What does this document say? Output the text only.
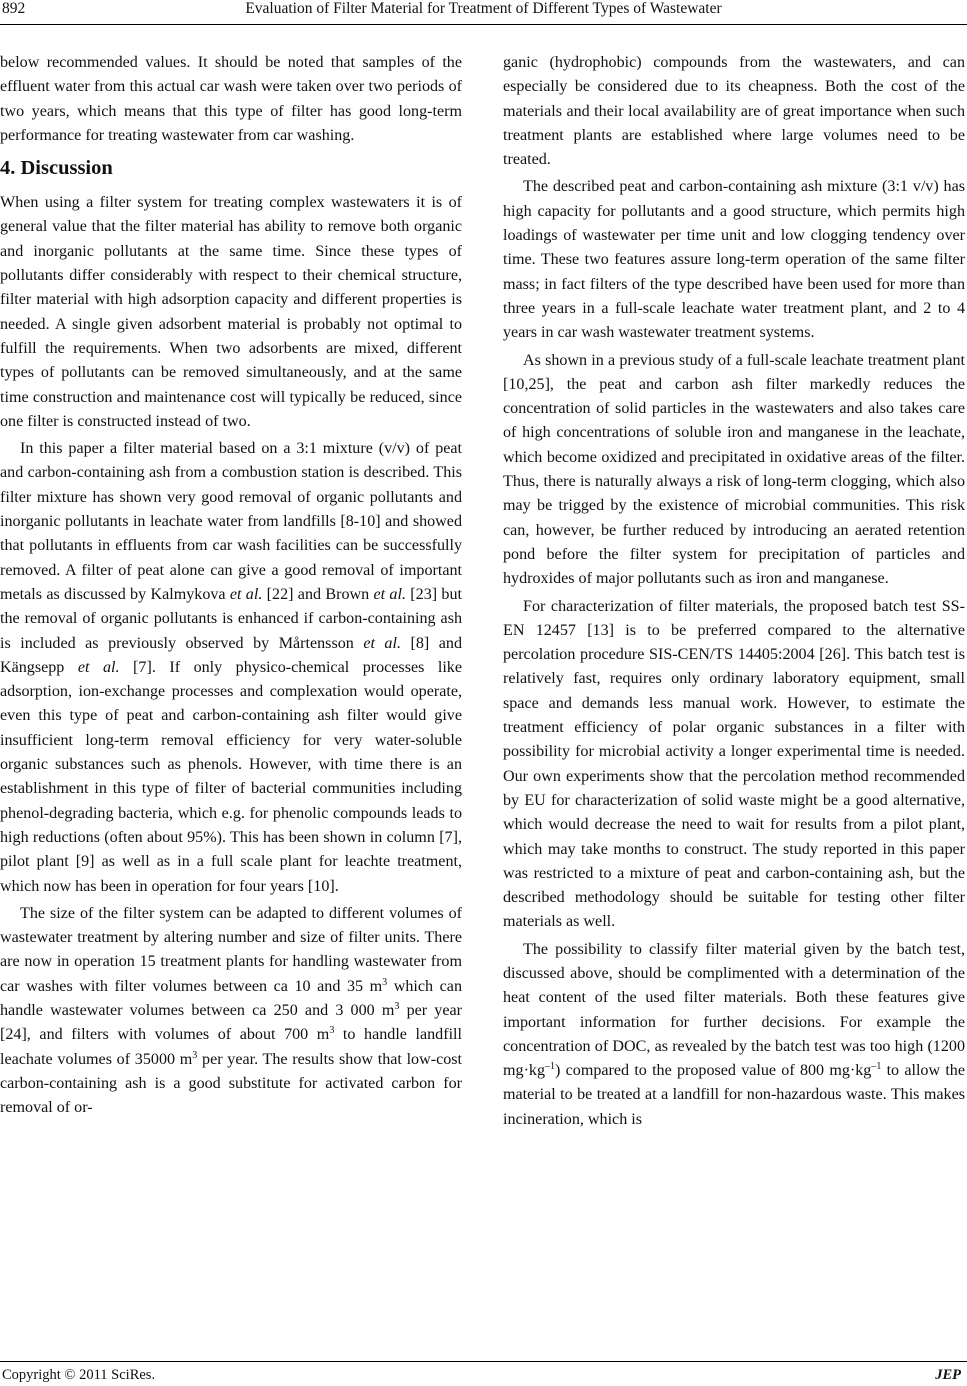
892	Evaluation of Filter Material for Treatment of Different Types of Wastewater

below recommended values. It should be noted that samples of the effluent water from this actual car wash were taken over two periods of two years, which means that this type of filter has good long-term performance for treating wastewater from car washing.

4. Discussion

When using a filter system for treating complex wastewaters it is of general value that the filter material has ability to remove both organic and inorganic pollutants at the same time. Since these types of pollutants differ considerably with respect to their chemical structure, filter material with high adsorption capacity and different properties is needed. A single given adsorbent material is probably not optimal to fulfill the requirements. When two adsorbents are mixed, different types of pollutants can be removed simultaneously, and at the same time construction and maintenance cost will typically be reduced, since one filter is constructed instead of two.

In this paper a filter material based on a 3:1 mixture (v/v) of peat and carbon-containing ash from a combustion station is described. This filter mixture has shown very good removal of organic pollutants and inorganic pollutants in leachate water from landfills [8-10] and showed that pollutants in effluents from car wash facilities can be successfully removed. A filter of peat alone can give a good removal of important metals as discussed by Kalmykova et al. [22] and Brown et al. [23] but the removal of organic pollutants is enhanced if carbon-containing ash is included as previously observed by Mårtensson et al. [8] and Kängsepp et al. [7]. If only physico-chemical processes like adsorption, ion-exchange processes and complexation would operate, even this type of peat and carbon-containing ash filter would give insufficient long-term removal efficiency for very water-soluble organic substances such as phenols. However, with time there is an establishment in this type of filter of bacterial communities including phenol-degrading bacteria, which e.g. for phenolic compounds leads to high reductions (often about 95%). This has been shown in column [7], pilot plant [9] as well as in a full scale plant for leachte treatment, which now has been in operation for four years [10].

The size of the filter system can be adapted to different volumes of wastewater treatment by altering number and size of filter units. There are now in operation 15 treatment plants for handling wastewater from car washes with filter volumes between ca 10 and 35 $m^3$ which can handle wastewater volumes between ca 250 and 3 000 $m^3$ per year [24], and filters with volumes of about 700 $m^3$ to handle landfill leachate volumes of 35000 $m^3$ per year. The results show that low-cost carbon-containing ash is a good substitute for activated carbon for removal of or-

ganic (hydrophobic) compounds from the wastewaters, and can especially be considered due to its cheapness. Both the cost of the materials and their local availability are of great importance when such treatment plants are established where large volumes need to be treated.

The described peat and carbon-containing ash mixture (3:1 v/v) has high capacity for pollutants and a good structure, which permits high loadings of wastewater per time unit and low clogging tendency over time. These two features assure long-term operation of the same filter mass; in fact filters of the type described have been used for more than three years in a full-scale leachate water treatment plant, and 2 to 4 years in car wash wastewater treatment systems.

As shown in a previous study of a full-scale leachate treatment plant [10,25], the peat and carbon ash filter markedly reduces the concentration of solid particles in the wastewaters and also takes care of high concentrations of soluble iron and manganese in the leachate, which become oxidized and precipitated in oxidative areas of the filter. Thus, there is naturally always a risk of long-term clogging, which also may be trigged by the existence of microbial communities. This risk can, however, be further reduced by introducing an aerated retention pond before the filter system for precipitation of particles and hydroxides of major pollutants such as iron and manganese.

For characterization of filter materials, the proposed batch test SS-EN 12457 [13] is to be preferred compared to the alternative percolation procedure SIS-CEN/TS 14405:2004 [26]. This batch test is relatively fast, requires only ordinary laboratory equipment, small space and demands less manual work. However, to estimate the treatment efficiency of polar organic substances in a filter with possibility for microbial activity a longer experimental time is needed. Our own experiments show that the percolation method recommended by EU for characterization of solid waste might be a good alternative, which would decrease the need to wait for results from a pilot plant, which may take months to construct. The study reported in this paper was restricted to a mixture of peat and carbon-containing ash, but the described methodology should be suitable for testing other filter materials as well.

The possibility to classify filter material given by the batch test, discussed above, should be complimented with a determination of the heat content of the used filter materials. Both these features give important information for further decisions. For example the concentration of DOC, as revealed by the batch test was too high (1200 $mg\cdot kg^{-1}$) compared to the proposed value of 800 $mg\cdot kg^{-1}$ to allow the material to be treated at a landfill for non-hazardous waste. This makes incineration, which is

Copyright © 2011 SciRes.	JEP
